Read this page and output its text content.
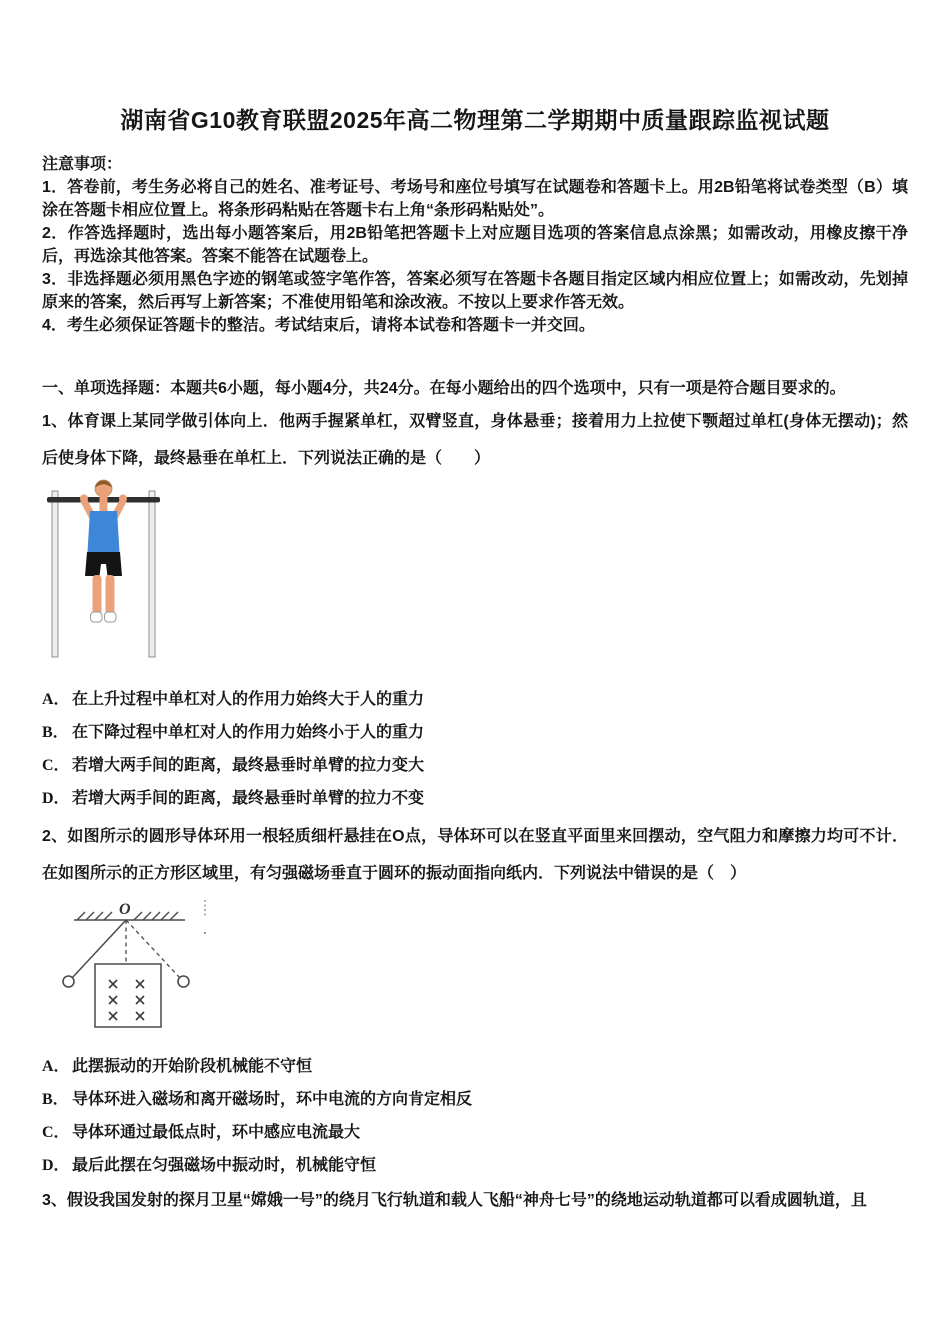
湖南省G10教育联盟2025年高二物理第二学期期中质量跟踪监视试题

注意事项：

1．答卷前，考生务必将自己的姓名、准考证号、考场号和座位号填写在试题卷和答题卡上。用2B铅笔将试卷类型（B）填涂在答题卡相应位置上。将条形码粘贴在答题卡右上角“条形码粘贴处”。

2．作答选择题时，选出每小题答案后，用2B铅笔把答题卡上对应题目选项的答案信息点涂黑；如需改动，用橡皮擦干净后，再选涂其他答案。答案不能答在试题卷上。

3．非选择题必须用黑色字迹的钢笔或签字笔作答，答案必须写在答题卡各题目指定区域内相应位置上；如需改动，先划掉原来的答案，然后再写上新答案；不准使用铅笔和涂改液。不按以上要求作答无效。

4．考生必须保证答题卡的整洁。考试结束后，请将本试卷和答题卡一并交回。

一、单项选择题：本题共6小题，每小题4分，共24分。在每小题给出的四个选项中，只有一项是符合题目要求的。

1、体育课上某同学做引体向上．他两手握紧单杠，双臂竖直，身体悬垂；接着用力上拉使下颚超过单杠(身体无摆动)；然后使身体下降，最终悬垂在单杠上．下列说法正确的是（　　）
A． 在上升过程中单杠对人的作用力始终大于人的重力
B． 在下降过程中单杠对人的作用力始终小于人的重力
C． 若增大两手间的距离，最终悬垂时单臂的拉力变大
D． 若增大两手间的距离，最终悬垂时单臂的拉力不变
2、如图所示的圆形导体环用一根轻质细杆悬挂在O点，导体环可以在竖直平面里来回摆动，空气阻力和摩擦力均可不计．在如图所示的正方形区域里，有匀强磁场垂直于圆环的振动面指向纸内．下列说法中错误的是（　）
O
A． 此摆振动的开始阶段机械能不守恒
B． 导体环进入磁场和离开磁场时，环中电流的方向肯定相反
C． 导体环通过最低点时，环中感应电流最大
D． 最后此摆在匀强磁场中振动时，机械能守恒
3、假设我国发射的探月卫星“嫦娥一号”的绕月飞行轨道和载人飞船“神舟七号”的绕地运动轨道都可以看成圆轨道，且
